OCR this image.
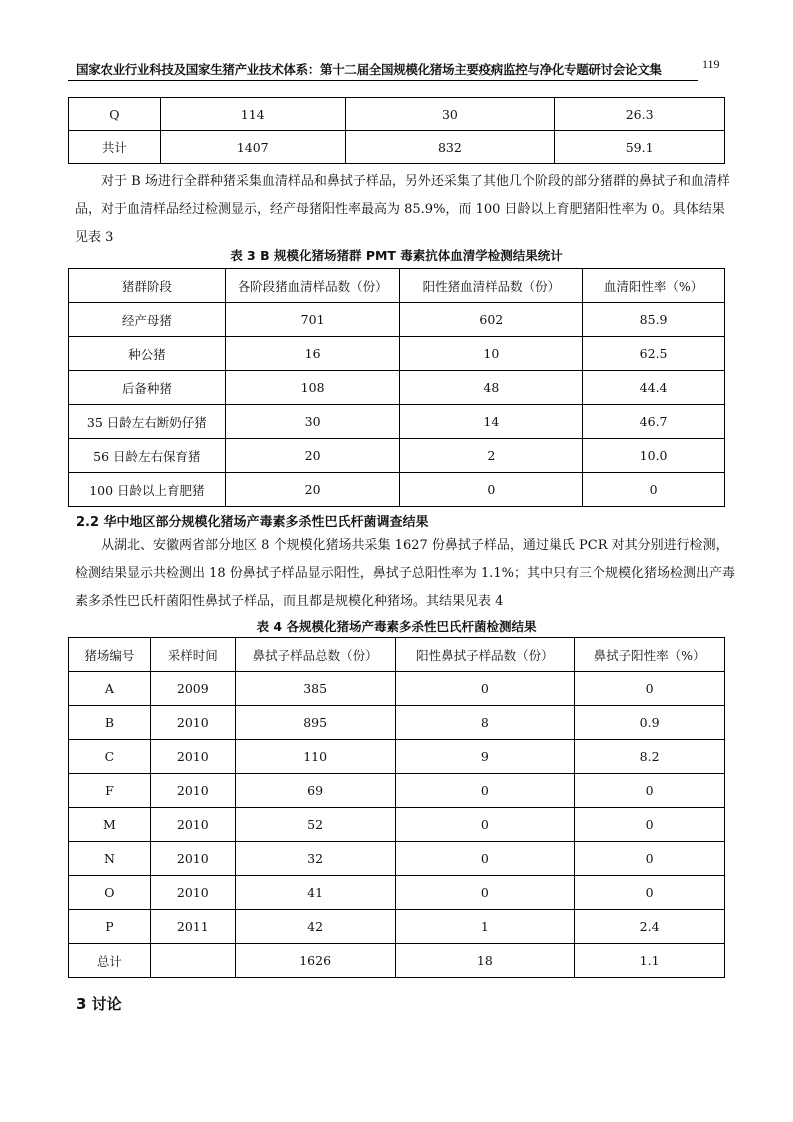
国家农业行业科技及国家生猪产业技术体系：第十二届全国规模化猪场主要疫病监控与净化专题研讨会论文集	119
Q	114	30	26.3
共计	1407	832	59.1
对于 B 场进行全群种猪采集血清样品和鼻拭子样品，另外还采集了其他几个阶段的部分猪群的鼻拭子和血清样品，对于血清样品经过检测显示，经产母猪阳性率最高为 85.9%，而 100 日龄以上育肥猪阳性率为 0。具体结果见表 3
表 3 B 规模化猪场猪群 PMT 毒素抗体血清学检测结果统计
猪群阶段	各阶段猪血清样品数（份）	阳性猪血清样品数（份）	血清阳性率（%）
经产母猪	701	602	85.9
种公猪	16	10	62.5
后备种猪	108	48	44.4
35 日龄左右断奶仔猪	30	14	46.7
56 日龄左右保育猪	20	2	10.0
100 日龄以上育肥猪	20	0	0
2.2 华中地区部分规模化猪场产毒素多杀性巴氏杆菌调查结果
从湖北、安徽两省部分地区 8 个规模化猪场共采集 1627 份鼻拭子样品，通过巢氏 PCR 对其分别进行检测，检测结果显示共检测出 18 份鼻拭子样品显示阳性，鼻拭子总阳性率为 1.1%；其中只有三个规模化猪场检测出产毒素多杀性巴氏杆菌阳性鼻拭子样品，而且都是规模化种猪场。其结果见表 4
表 4 各规模化猪场产毒素多杀性巴氏杆菌检测结果
猪场编号	采样时间	鼻拭子样品总数（份）	阳性鼻拭子样品数（份）	鼻拭子阳性率（%）
A	2009	385	0	0
B	2010	895	8	0.9
C	2010	110	9	8.2
F	2010	69	0	0
M	2010	52	0	0
N	2010	32	0	0
O	2010	41	0	0
P	2011	42	1	2.4
总计		1626	18	1.1
3 讨论
